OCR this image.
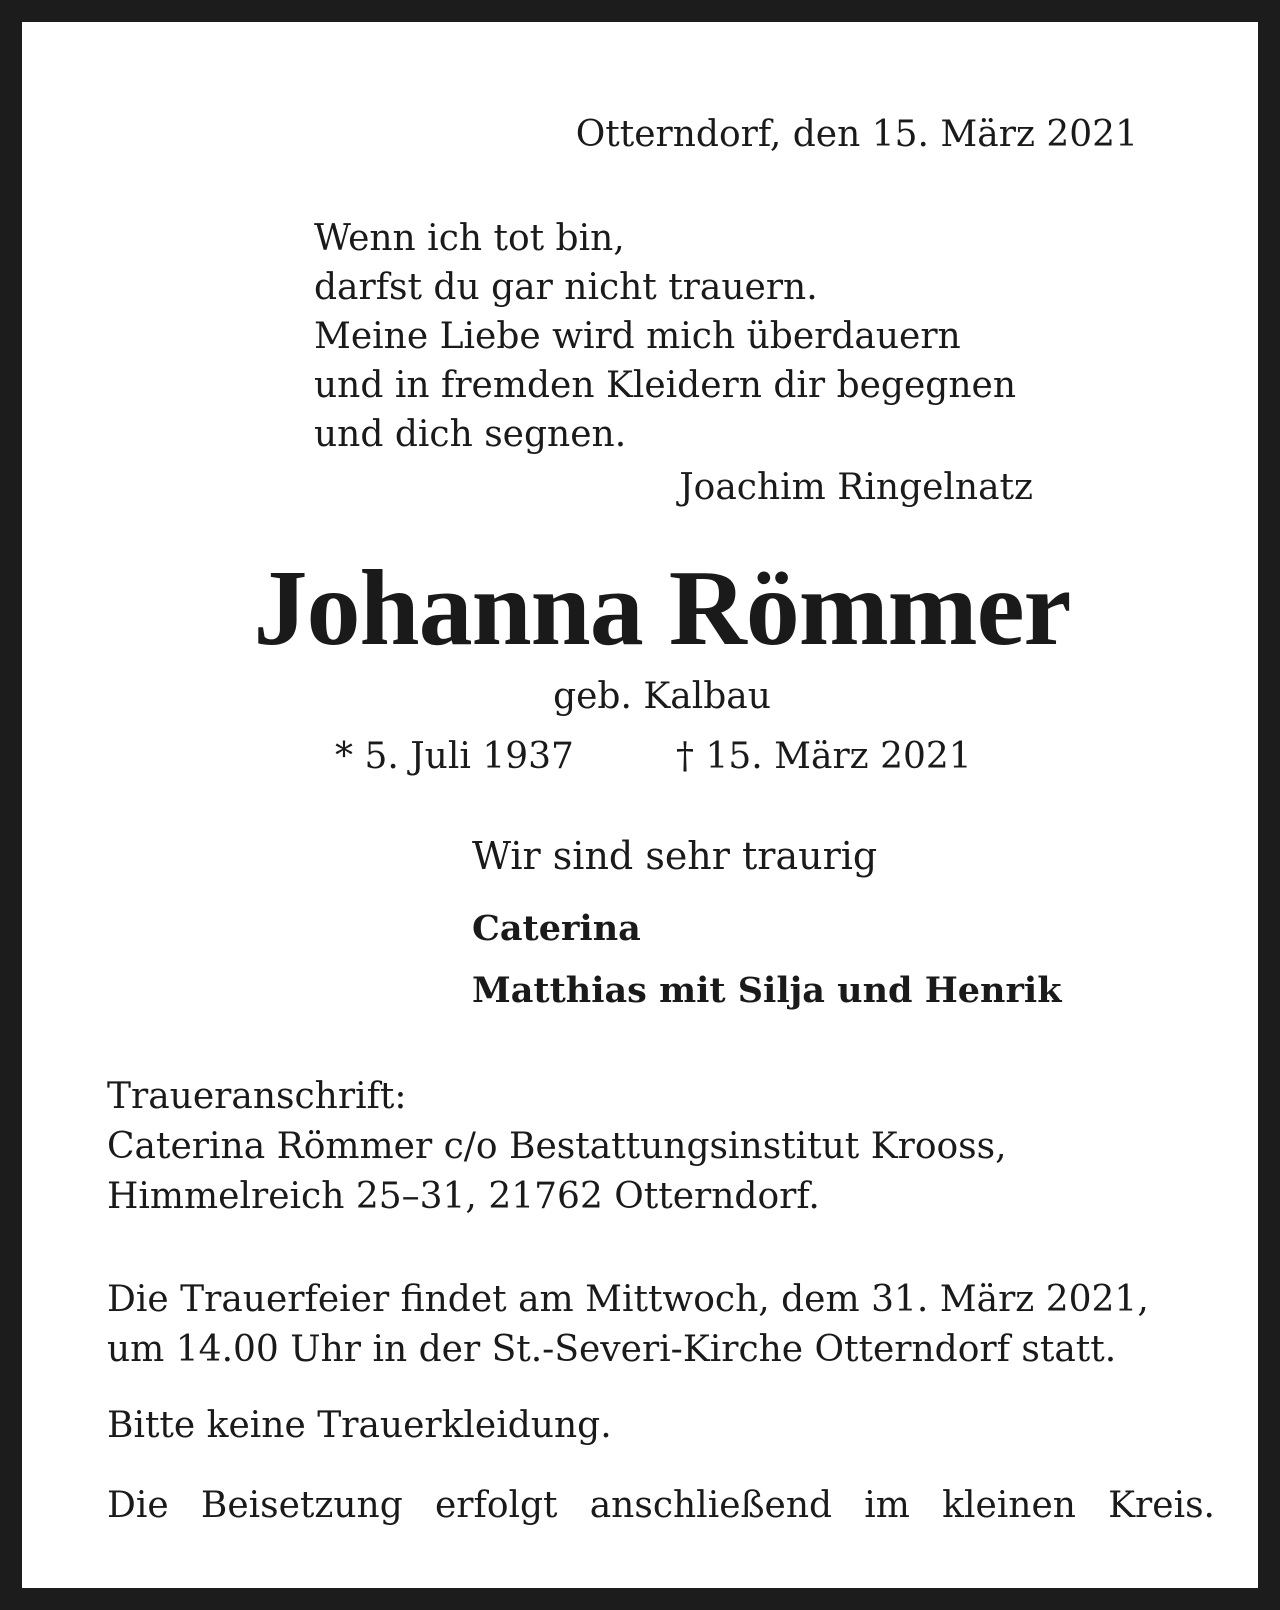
Otterndorf, den 15. März 2021

Wenn ich tot bin,
darfst du gar nicht trauern.
Meine Liebe wird mich überdauern
und in fremden Kleidern dir begegnen
und dich segnen.

Joachim Ringelnatz

Johanna Römmer

geb. Kalbau

* 5. Juli 1937	† 15. März 2021

Wir sind sehr traurig

Caterina

Matthias mit Silja und Henrik

Traueranschrift:
Caterina Römmer c/o Bestattungsinstitut Krooss,
Himmelreich 25–31, 21762 Otterndorf.
Die Trauerfeier findet am Mittwoch, dem 31. März 2021,
um 14.00 Uhr in der St.-Severi-Kirche Otterndorf statt.

Bitte keine Trauerkleidung.

Die Beisetzung erfolgt anschließend im kleinen Kreis.
